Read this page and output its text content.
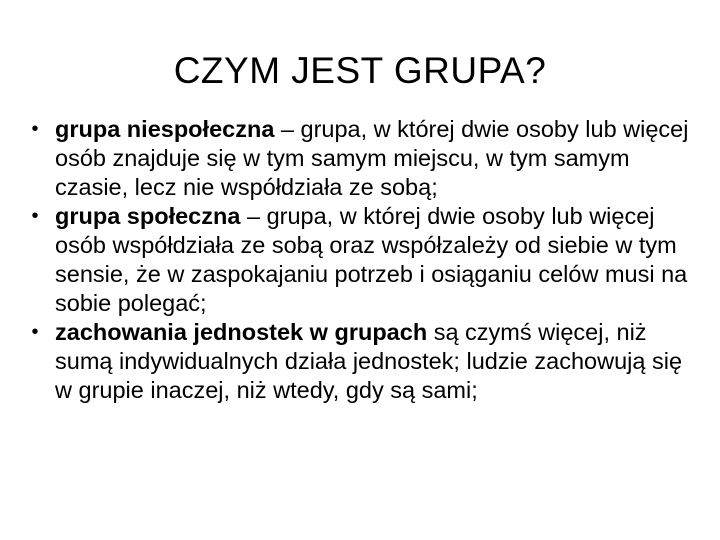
CZYM JEST GRUPA?
• grupa niespołeczna – grupa, w której dwie osoby lub więcej osób znajduje się w tym samym miejscu, w tym samym czasie, lecz nie współdziała ze sobą;
• grupa społeczna – grupa, w której dwie osoby lub więcej osób współdziała ze sobą oraz współzależy od siebie w tym sensie, że w zaspokajaniu potrzeb i osiąganiu celów musi na sobie polegać;
• zachowania jednostek w grupach są czymś więcej, niż sumą indywidualnych działa jednostek; ludzie zachowują się w grupie inaczej, niż wtedy, gdy są sami;
